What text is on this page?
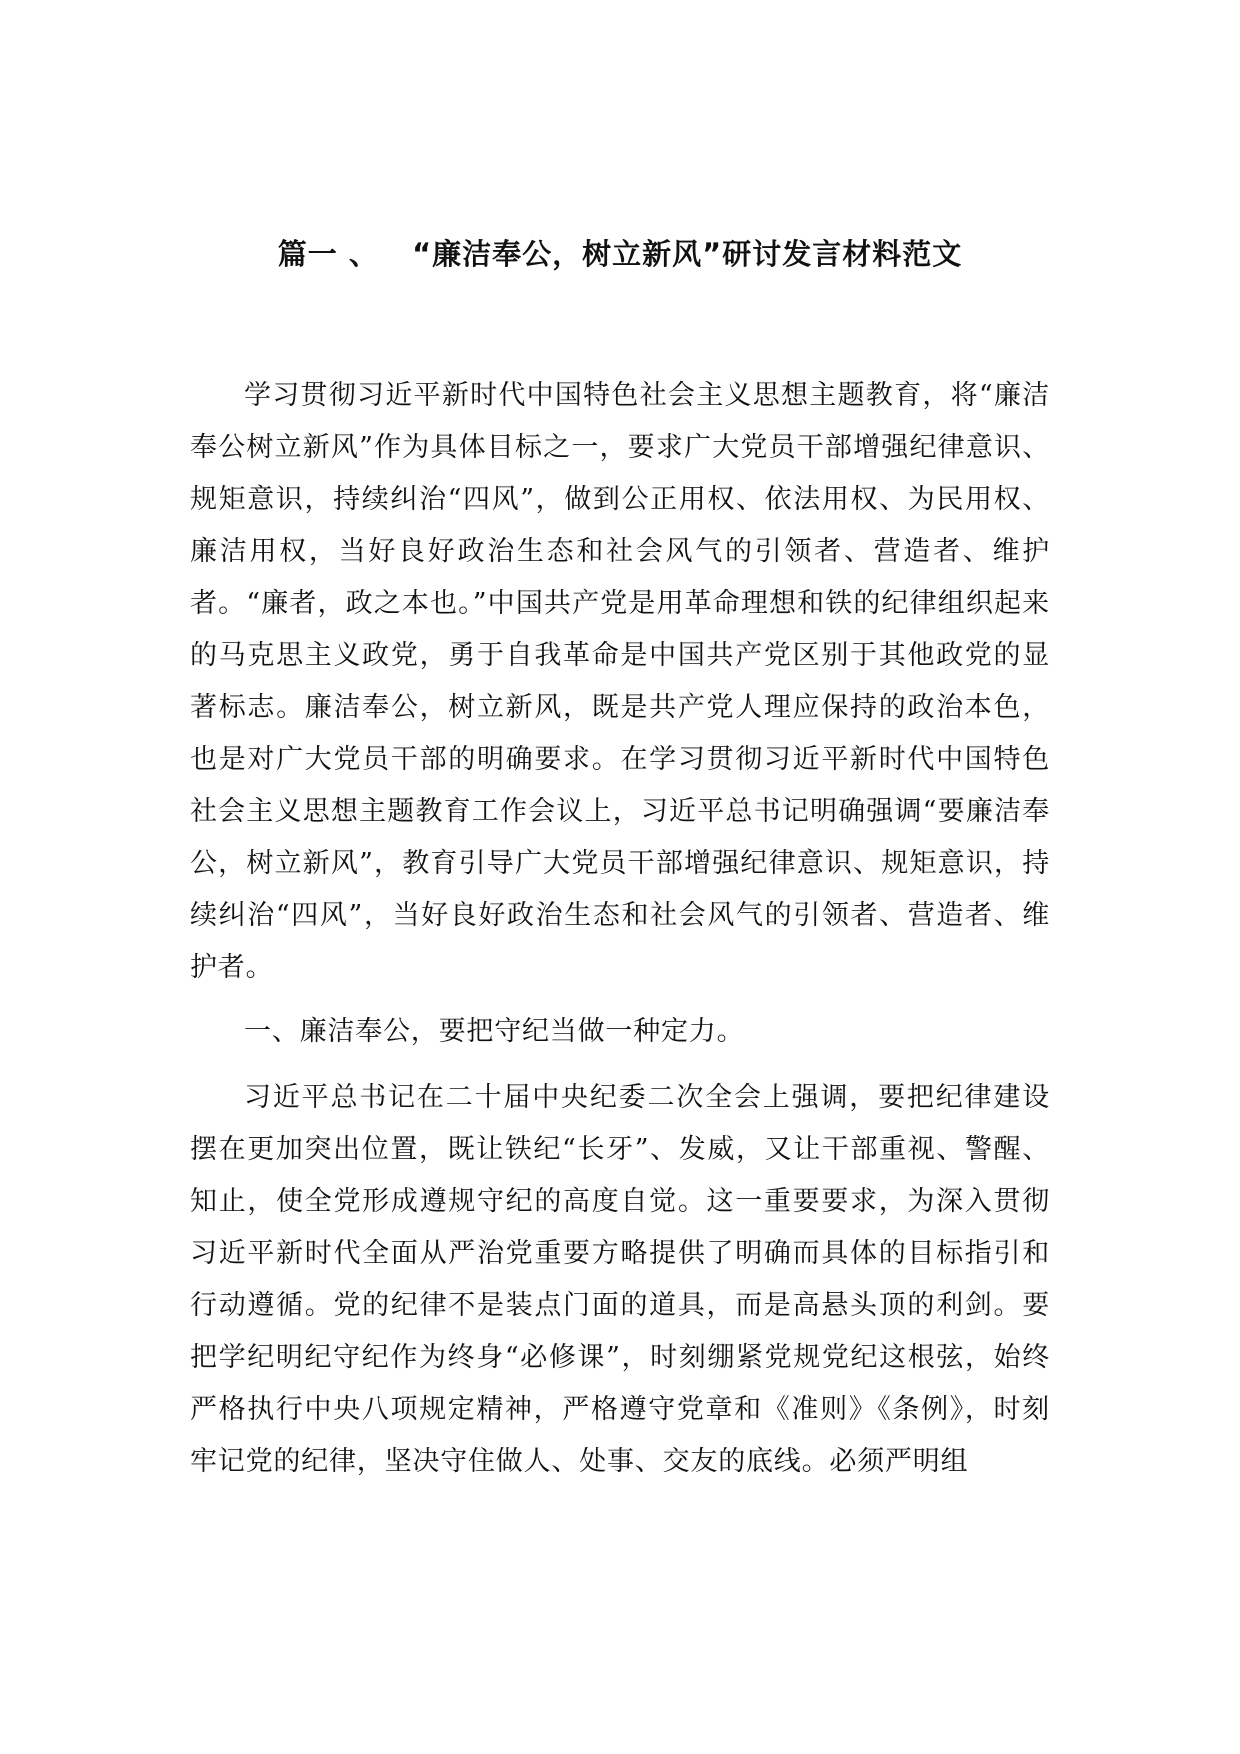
篇一 、   “廉洁奉公，树立新风”研讨发言材料范文

学习贯彻习近平新时代中国特色社会主义思想主题教育，将“廉洁奉公树立新风”作为具体目标之一，要求广大党员干部增强纪律意识、规矩意识，持续纠治“四风”，做到公正用权、依法用权、为民用权、廉洁用权，当好良好政治生态和社会风气的引领者、营造者、维护者。“廉者，政之本也。”中国共产党是用革命理想和铁的纪律组织起来的马克思主义政党，勇于自我革命是中国共产党区别于其他政党的显著标志。廉洁奉公，树立新风，既是共产党人理应保持的政治本色，也是对广大党员干部的明确要求。在学习贯彻习近平新时代中国特色社会主义思想主题教育工作会议上，习近平总书记明确强调“要廉洁奉公，树立新风”，教育引导广大党员干部增强纪律意识、规矩意识，持续纠治“四风”，当好良好政治生态和社会风气的引领者、营造者、维护者。

一、廉洁奉公，要把守纪当做一种定力。

习近平总书记在二十届中央纪委二次全会上强调，要把纪律建设摆在更加突出位置，既让铁纪“长牙”、发威，又让干部重视、警醒、知止，使全党形成遵规守纪的高度自觉。这一重要要求，为深入贯彻习近平新时代全面从严治党重要方略提供了明确而具体的目标指引和行动遵循。党的纪律不是装点门面的道具，而是高悬头顶的利剑。要把学纪明纪守纪作为终身“必修课”，时刻绷紧党规党纪这根弦，始终严格执行中央八项规定精神，严格遵守党章和《准则》《条例》，时刻牢记党的纪律，坚决守住做人、处事、交友的底线。必须严明组
